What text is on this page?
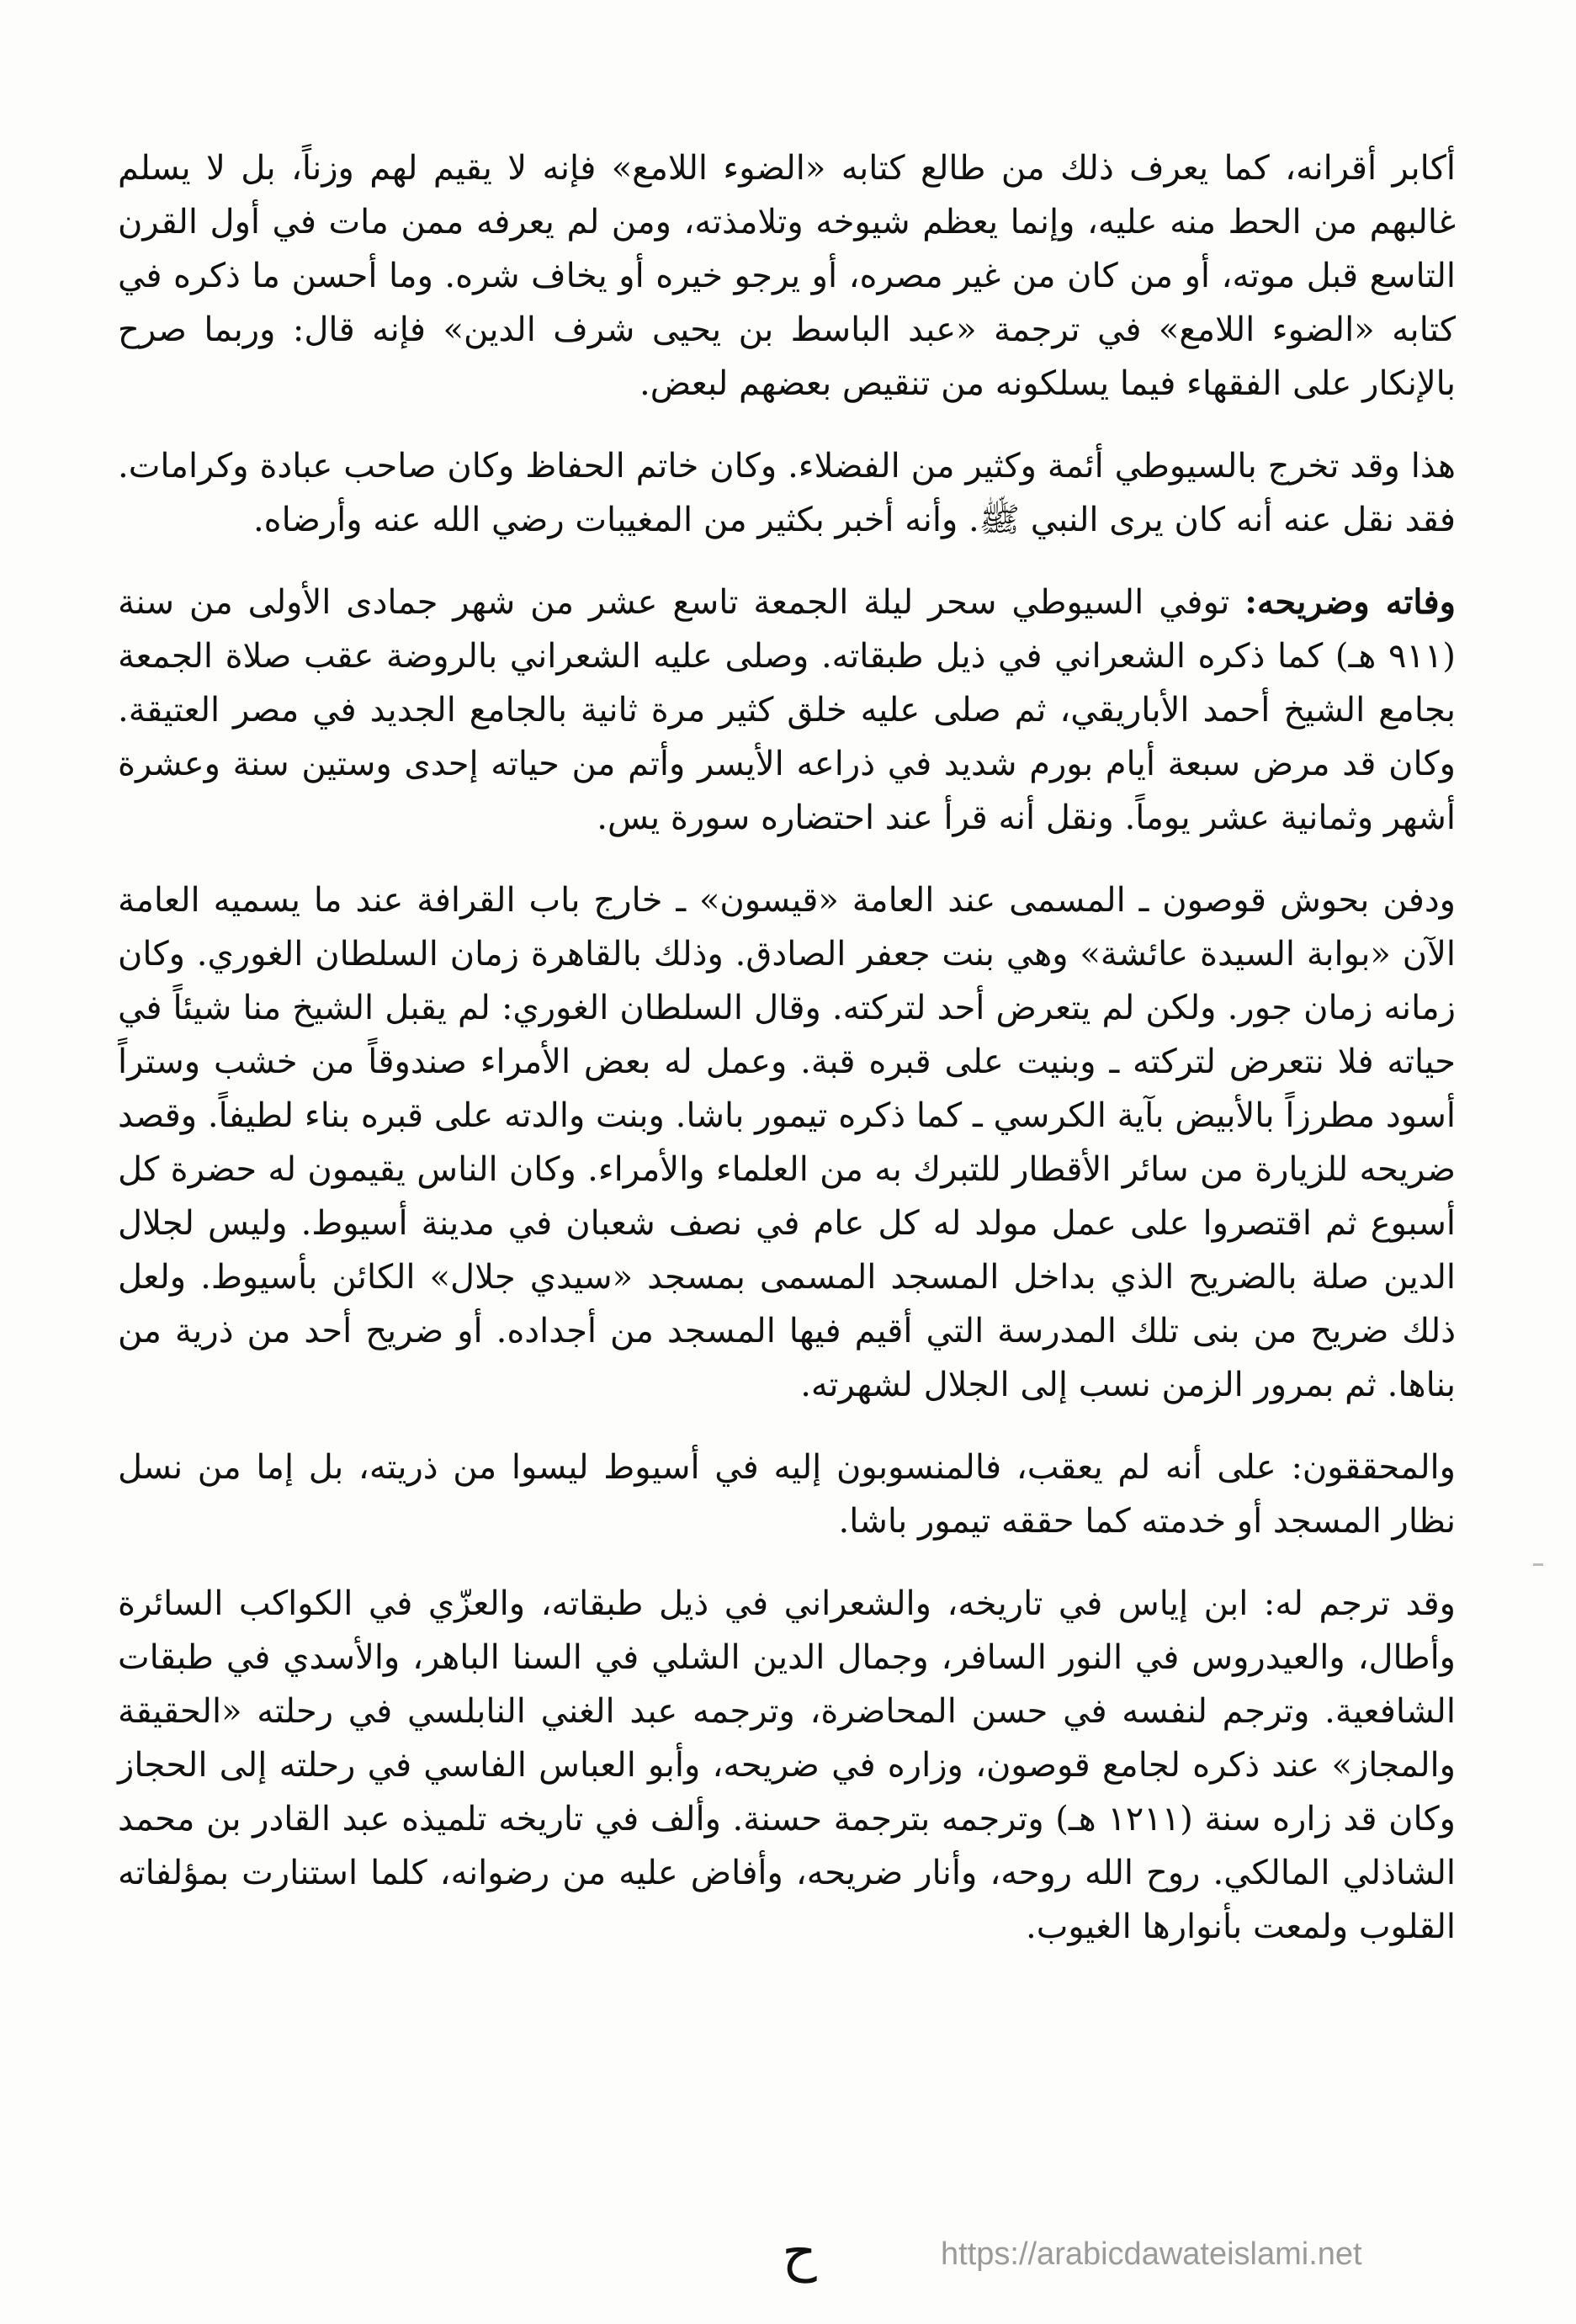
أكابر أقرانه، كما يعرف ذلك من طالع كتابه «الضوء اللامع» فإنه لا يقيم لهم وزناً، بل لا يسلم غالبهم من الحط منه عليه، وإنما يعظم شيوخه وتلامذته، ومن لم يعرفه ممن مات في أول القرن التاسع قبل موته، أو من كان من غير مصره، أو يرجو خيره أو يخاف شره. وما أحسن ما ذكره في كتابه «الضوء اللامع» في ترجمة «عبد الباسط بن يحيى شرف الدين» فإنه قال: وربما صرح بالإنكار على الفقهاء فيما يسلكونه من تنقيص بعضهم لبعض.

هذا وقد تخرج بالسيوطي أئمة وكثير من الفضلاء. وكان خاتم الحفاظ وكان صاحب عبادة وكرامات. فقد نقل عنه أنه كان يرى النبي ﷺ. وأنه أخبر بكثير من المغيبات رضي الله عنه وأرضاه.

وفاته وضريحه: توفي السيوطي سحر ليلة الجمعة تاسع عشر من شهر جمادى الأولى من سنة (٩١١ هـ) كما ذكره الشعراني في ذيل طبقاته. وصلى عليه الشعراني بالروضة عقب صلاة الجمعة بجامع الشيخ أحمد الأباريقي، ثم صلى عليه خلق كثير مرة ثانية بالجامع الجديد في مصر العتيقة. وكان قد مرض سبعة أيام بورم شديد في ذراعه الأيسر وأتم من حياته إحدى وستين سنة وعشرة أشهر وثمانية عشر يوماً. ونقل أنه قرأ عند احتضاره سورة يس.

ودفن بحوش قوصون ـ المسمى عند العامة «قيسون» ـ خارج باب القرافة عند ما يسميه العامة الآن «بوابة السيدة عائشة» وهي بنت جعفر الصادق. وذلك بالقاهرة زمان السلطان الغوري. وكان زمانه زمان جور. ولكن لم يتعرض أحد لتركته. وقال السلطان الغوري: لم يقبل الشيخ منا شيئاً في حياته فلا نتعرض لتركته ـ وبنيت على قبره قبة. وعمل له بعض الأمراء صندوقاً من خشب وستراً أسود مطرزاً بالأبيض بآية الكرسي ـ كما ذكره تيمور باشا. وبنت والدته على قبره بناء لطيفاً. وقصد ضريحه للزيارة من سائر الأقطار للتبرك به من العلماء والأمراء. وكان الناس يقيمون له حضرة كل أسبوع ثم اقتصروا على عمل مولد له كل عام في نصف شعبان في مدينة أسيوط. وليس لجلال الدين صلة بالضريح الذي بداخل المسجد المسمى بمسجد «سيدي جلال» الكائن بأسيوط. ولعل ذلك ضريح من بنى تلك المدرسة التي أقيم فيها المسجد من أجداده. أو ضريح أحد من ذرية من بناها. ثم بمرور الزمن نسب إلى الجلال لشهرته.

والمحققون: على أنه لم يعقب، فالمنسوبون إليه في أسيوط ليسوا من ذريته، بل إما من نسل نظار المسجد أو خدمته كما حققه تيمور باشا.

وقد ترجم له: ابن إياس في تاريخه، والشعراني في ذيل طبقاته، والعزّي في الكواكب السائرة وأطال، والعيدروس في النور السافر، وجمال الدين الشلي في السنا الباهر، والأسدي في طبقات الشافعية. وترجم لنفسه في حسن المحاضرة، وترجمه عبد الغني النابلسي في رحلته «الحقيقة والمجاز» عند ذكره لجامع قوصون، وزاره في ضريحه، وأبو العباس الفاسي في رحلته إلى الحجاز وكان قد زاره سنة (١٢١١ هـ) وترجمه بترجمة حسنة. وألف في تاريخه تلميذه عبد القادر بن محمد الشاذلي المالكي. روح الله روحه، وأنار ضريحه، وأفاض عليه من رضوانه، كلما استنارت بمؤلفاته القلوب ولمعت بأنوارها الغيوب.

ح	https://arabicdawateislami.net
